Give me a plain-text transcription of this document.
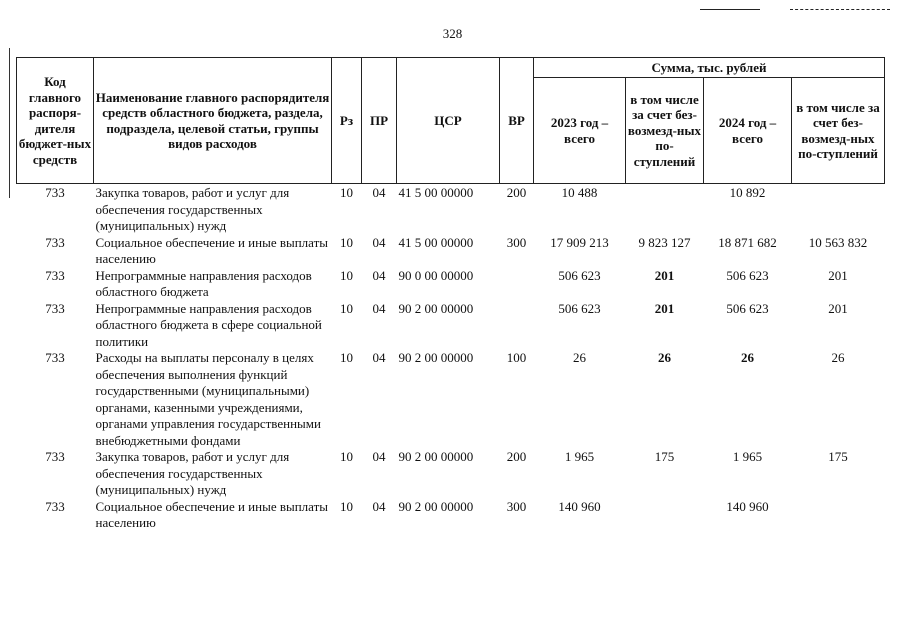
328
Код главного распоря-дителя бюджет-ных средств	Наименование главного распорядителя средств областного бюджета, раздела, подраздела, целевой статьи, группы видов расходов	Рз	ПР	ЦСР	ВР	Сумма, тыс. рублей			
						2023 год – всего	в том числе за счет без-возмезд-ных по-ступлений	2024 год – всего	в том числе за счет без-возмезд-ных по-ступлений
733	Закупка товаров, работ и услуг для обеспечения государственных (муниципальных) нужд	10	04	41 5 00 00000	200	10 488		10 892	
733	Социальное обеспечение и иные выплаты населению	10	04	41 5 00 00000	300	17 909 213	9 823 127	18 871 682	10 563 832
733	Непрограммные направления расходов областного бюджета	10	04	90 0 00 00000		506 623	201	506 623	201
733	Непрограммные направления расходов областного бюджета в сфере социальной политики	10	04	90 2 00 00000		506 623	201	506 623	201
733	Расходы на выплаты персоналу в целях обеспечения выполнения функций государственными (муниципальными) органами, казенными учреждениями, органами управления государственными внебюджетными фондами	10	04	90 2 00 00000	100	26	26	26	26
733	Закупка товаров, работ и услуг для обеспечения государственных (муниципальных) нужд	10	04	90 2 00 00000	200	1 965	175	1 965	175
733	Социальное обеспечение и иные выплаты населению	10	04	90 2 00 00000	300	140 960		140 960	
